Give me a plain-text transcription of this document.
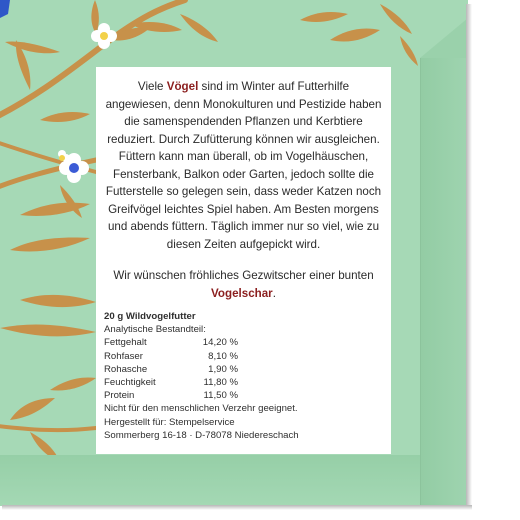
Viele Vögel sind im Winter auf Futterhilfe angewiesen, denn Monokulturen und Pestizide haben die samenspendenden Pflanzen und Kerbtiere reduziert. Durch Zufütterung können wir ausgleichen. Füttern kann man überall, ob im Vogelhäuschen, Fensterbank, Balkon oder Garten, jedoch sollte die Futterstelle so gelegen sein, dass weder Katzen noch Greifvögel leichtes Spiel haben. Am Besten morgens und abends füttern. Täglich immer nur so viel, wie zu diesen Zeiten aufgepickt wird.

Wir wünschen fröhliches Gezwitscher einer bunten Vogelschar.

20 g Wildvogelfutter
Analytische Bestandteil:
Fettgehalt	14,20 %
Rohfaser	8,10 %
Rohasche	1,90 %
Feuchtigkeit	11,80 %
Protein	11,50 %
Nicht für den menschlichen Verzehr geeignet.
Hergestellt für: Stempelservice
Sommerberg 16-18 · D-78078 Niedereschach
